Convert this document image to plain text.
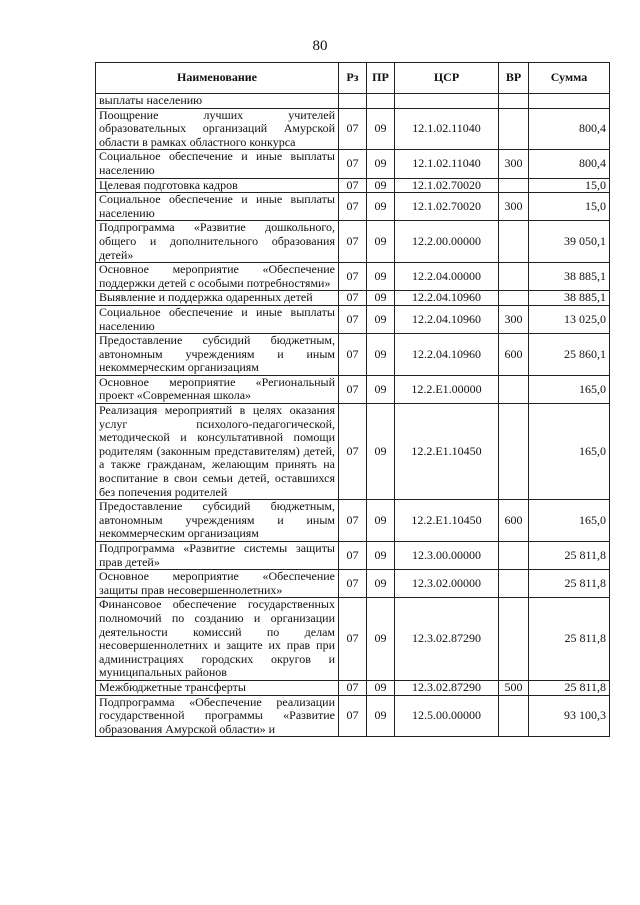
80
Наименование	Рз	ПР	ЦСР	ВР	Сумма
выплаты населению					
Поощрение лучших учителей образовательных организаций Амурской области в рамках областного конкурса	07	09	12.1.02.11040		800,4
Социальное обеспечение и иные выплаты населению	07	09	12.1.02.11040	300	800,4
Целевая подготовка кадров	07	09	12.1.02.70020		15,0
Социальное обеспечение и иные выплаты населению	07	09	12.1.02.70020	300	15,0
Подпрограмма «Развитие дошкольного, общего и дополнительного образования детей»	07	09	12.2.00.00000		39 050,1
Основное мероприятие «Обеспечение поддержки детей с особыми потребностями»	07	09	12.2.04.00000		38 885,1
Выявление и поддержка одаренных детей	07	09	12.2.04.10960		38 885,1
Социальное обеспечение и иные выплаты населению	07	09	12.2.04.10960	300	13 025,0
Предоставление субсидий бюджетным, автономным учреждениям и иным некоммерческим организациям	07	09	12.2.04.10960	600	25 860,1
Основное мероприятие «Региональный проект «Современная школа»	07	09	12.2.E1.00000		165,0
Реализация мероприятий в целях оказания услуг психолого-педагогической, методической и консультативной помощи родителям (законным представителям) детей, а также гражданам, желающим принять на воспитание в свои семьи детей, оставшихся без попечения родителей	07	09	12.2.E1.10450		165,0
Предоставление субсидий бюджетным, автономным учреждениям и иным некоммерческим организациям	07	09	12.2.E1.10450	600	165,0
Подпрограмма «Развитие системы защиты прав детей»	07	09	12.3.00.00000		25 811,8
Основное мероприятие «Обеспечение защиты прав несовершеннолетних»	07	09	12.3.02.00000		25 811,8
Финансовое обеспечение государственных полномочий по созданию и организации деятельности комиссий по делам несовершеннолетних и защите их прав при администрациях городских округов и муниципальных районов	07	09	12.3.02.87290		25 811,8
Межбюджетные трансферты	07	09	12.3.02.87290	500	25 811,8
Подпрограмма «Обеспечение реализации государственной программы «Развитие образования Амурской области» и	07	09	12.5.00.00000		93 100,3
